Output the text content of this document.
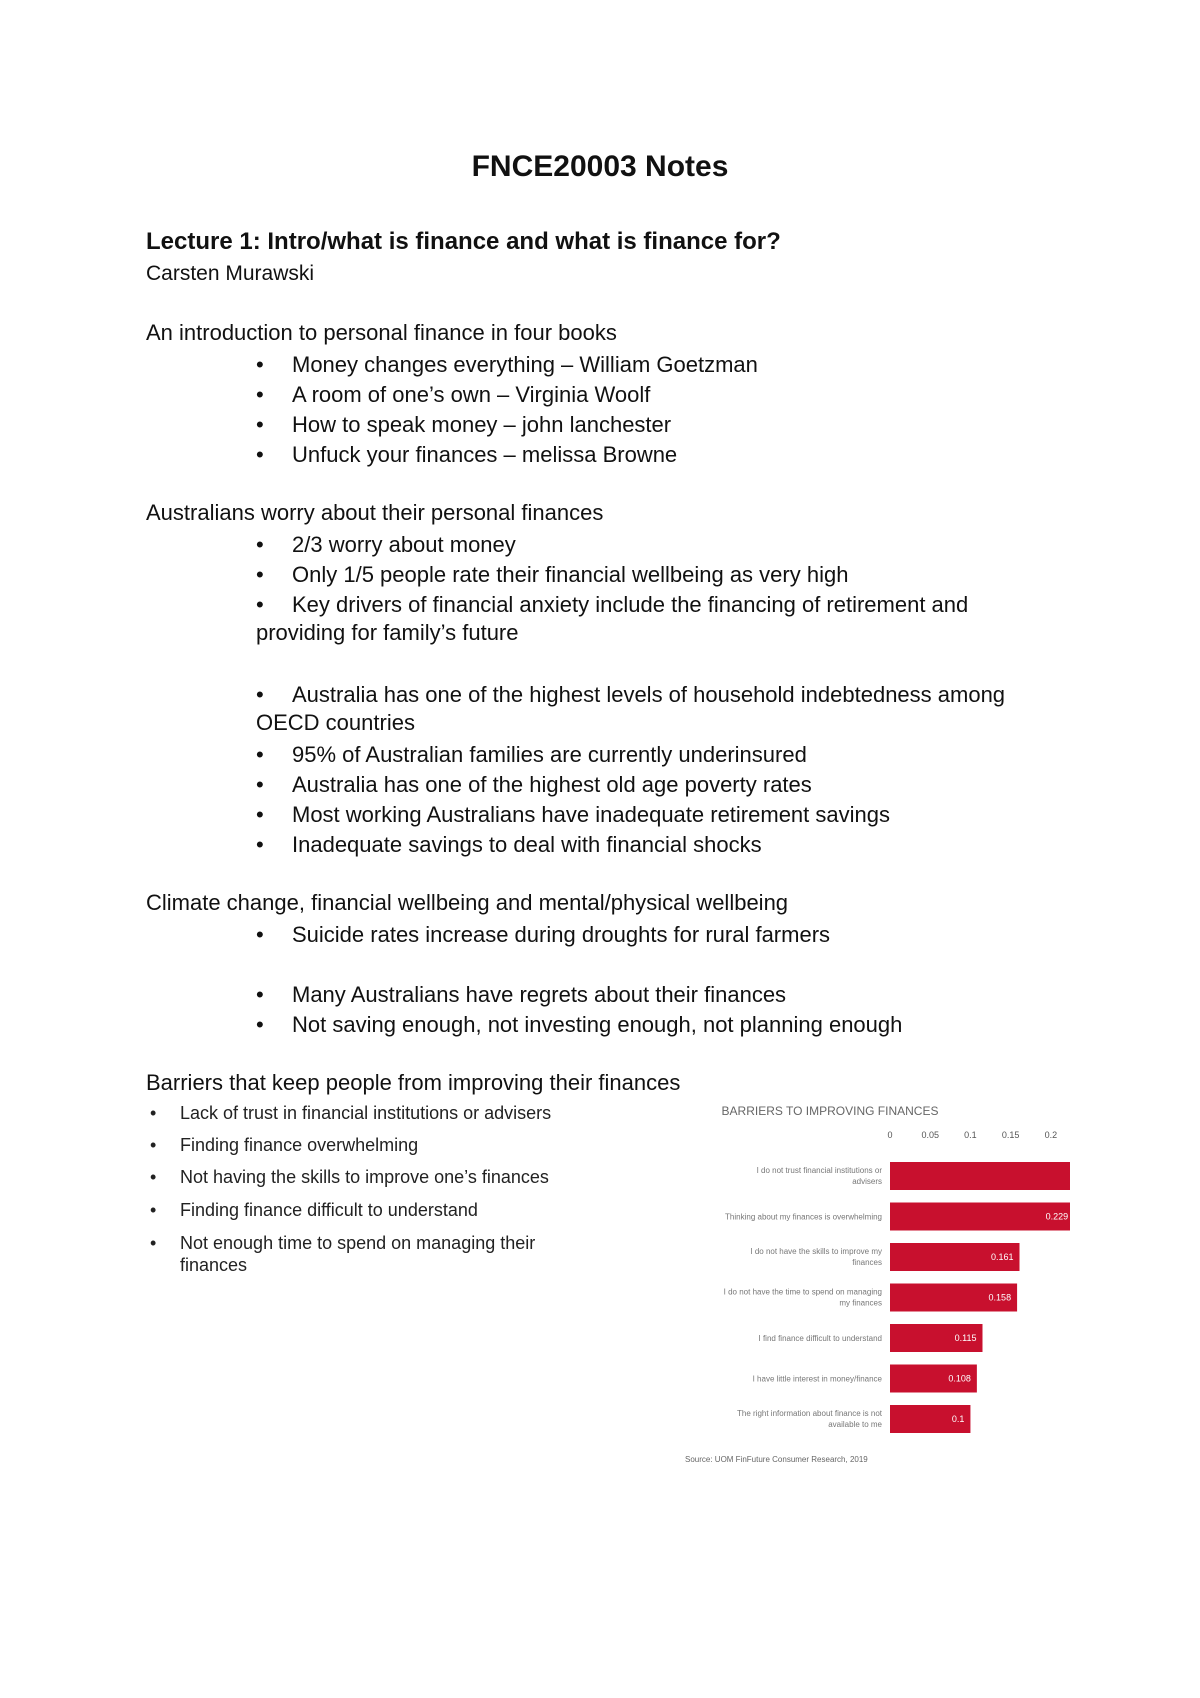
FNCE20003 Notes
Lecture 1: Intro/what is finance and what is finance for?
Carsten Murawski
An introduction to personal finance in four books
• Money changes everything – William Goetzman
• A room of one’s own – Virginia Woolf
• How to speak money – john lanchester
• Unfuck your finances – melissa Browne
Australians worry about their personal finances
• 2/3 worry about money
• Only 1/5 people rate their financial wellbeing as very high
• Key drivers of financial anxiety include the financing of retirement and
providing for family’s future
• Australia has one of the highest levels of household indebtedness among
OECD countries
• 95% of Australian families are currently underinsured
• Australia has one of the highest old age poverty rates
• Most working Australians have inadequate retirement savings
• Inadequate savings to deal with financial shocks
Climate change, financial wellbeing and mental/physical wellbeing
• Suicide rates increase during droughts for rural farmers
• Many Australians have regrets about their finances
• Not saving enough, not investing enough, not planning enough
Barriers that keep people from improving their finances
• Lack of trust in financial institutions or advisers
• Finding finance overwhelming
• Not having the skills to improve one’s finances
• Finding finance difficult to understand
• Not enough time to spend on managing their
finances
BARRIERS TO IMPROVING FINANCES
0	0.05	0.1	0.15	0.2
I do not trust financial institutions or advisers
Thinking about my finances is overwhelming	0.229
I do not have the skills to improve my finances
0.161
I do not have the time to spend on managing my finances
0.158
I find finance difficult to understand	0.115
I have little interest in money/finance	0.108
The right information about finance is not available to me
0.1
Source: UOM FinFuture Consumer Research, 2019
